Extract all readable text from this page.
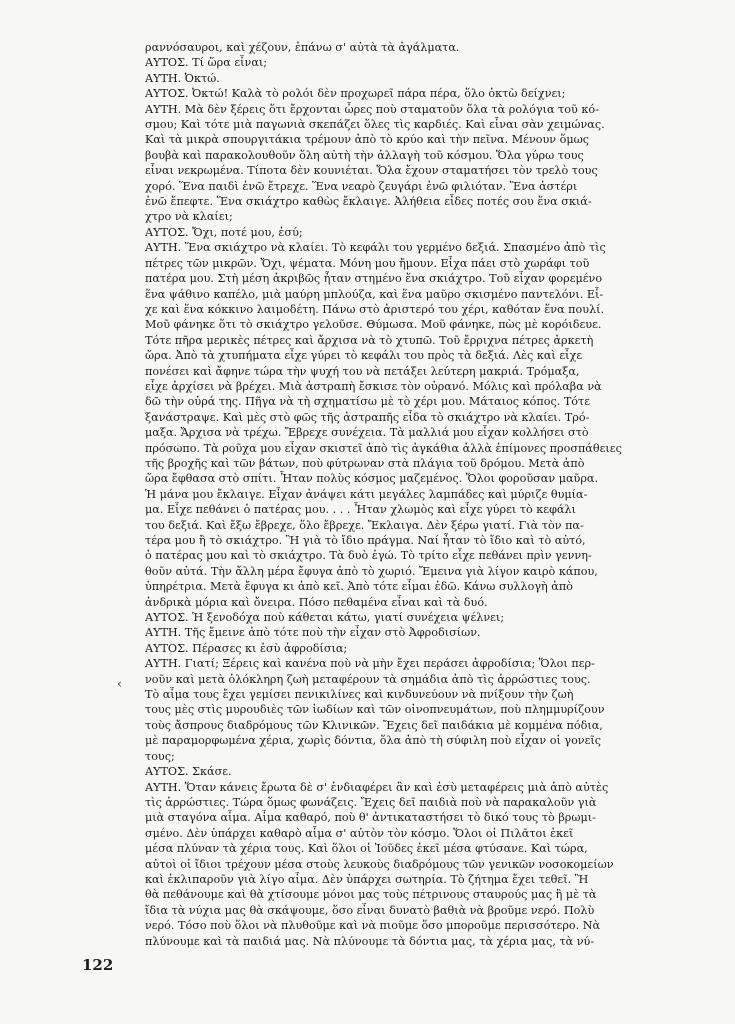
ραννόσαυροι, καὶ χέζουν, ἐπάνω σ' αὐτὰ τὰ ἀγάλματα.
ΑΥΤΟΣ. Τί ὥρα εἶναι;
ΑΥΤΗ. Ὀκτώ.
ΑΥΤΟΣ. Ὀκτώ! Καλὰ τὸ ρολόι δὲν προχωρεῖ πάρα πέρα, ὅλο ὀκτὼ δείχνει;
ΑΥΤΗ. Μὰ δὲν ξέρεις ὅτι ἔρχονται ὧρες ποὺ σταματοῦν ὅλα τὰ ρολόγια τοῦ κό-
σμου; Καὶ τότε μιὰ παγωνιὰ σκεπάζει ὅλες τὶς καρδιές. Καὶ εἶναι σὰν χειμώνας.
Καὶ τὰ μικρὰ σπουργιτάκια τρέμουν ἀπὸ τὸ κρύο καὶ τὴν πεῖνα. Μένουν ὅμως
βουβὰ καὶ παρακολουθοῦν ὅλη αὐτὴ τὴν ἀλλαγὴ τοῦ κόσμου. Ὅλα γύρω τους
εἶναι νεκρωμένα. Τίποτα δὲν κουνιέται. Ὅλα ἔχουν σταματήσει τὸν τρελὸ τους
χορό. Ἕνα παιδὶ ἐνῶ ἔτρεχε. Ἕνα νεαρὸ ζευγάρι ἐνῶ φιλιόταν. Ἕνα ἀστέρι
ἐνῶ ἔπεφτε. Ἕνα σκιάχτρο καθὼς ἔκλαιγε. Ἀλήθεια εἶδες ποτές σου ἕνα σκιά-
χτρο νὰ κλαίει;
ΑΥΤΟΣ. Ὄχι, ποτέ μου, ἐσύ;
ΑΥΤΗ. Ἕνα σκιάχτρο νὰ κλαίει. Τὸ κεφάλι του γερμένο δεξιά. Σπασμένο ἀπὸ τὶς
πέτρες τῶν μικρῶν. Ὄχι, ψέματα. Μόνη μου ἤμουν. Εἶχα πάει στὸ χωράφι τοῦ
πατέρα μου. Στὴ μέση ἀκριβῶς ἦταν στημένο ἕνα σκιάχτρο. Τοῦ εἶχαν φορεμένο
ἕνα ψάθινο καπέλο, μιὰ μαύρη μπλούζα, καὶ ἕνα μαῦρο σκισμένο παντελόνι. Εἶ-
χε καὶ ἕνα κόκκινο λαιμοδέτη. Πάνω στὸ ἀριστερό του χέρι, καθόταν ἕνα πουλί.
Μοῦ φάνηκε ὅτι τὸ σκιάχτρο γελοῦσε. Θύμωσα. Μοῦ φάνηκε, πὼς μὲ κορόιδευε.
Τότε πῆρα μερικὲς πέτρες καὶ ἄρχισα νὰ τὸ χτυπῶ. Τοῦ ἔρριχνα πέτρες ἀρκετὴ
ὥρα. Ἀπὸ τὰ χτυπήματα εἶχε γύρει τὸ κεφάλι του πρὸς τὰ δεξιά. Λὲς καὶ εἶχε
πονέσει καὶ ἄφηνε τώρα τὴν ψυχή του νὰ πετάξει λεύτερη μακριά. Τρόμαξα,
εἶχε ἀρχίσει νὰ βρέχει. Μιὰ ἀστραπὴ ἔσκισε τὸν οὐρανό. Μόλις καὶ πρόλαβα νὰ
δῶ τὴν οὐρά της. Πῆγα νὰ τὴ σχηματίσω μὲ τὸ χέρι μου. Μάταιος κόπος. Τότε
ξανάστραψε. Καὶ μὲς στὸ φῶς τῆς ἀστραπῆς εἶδα τὸ σκιάχτρο νὰ κλαίει. Τρό-
μαξα. Ἄρχισα νὰ τρέχω. Ἔβρεχε συνέχεια. Τὰ μαλλιά μου εἶχαν κολλήσει στὸ
πρόσωπο. Τὰ ροῦχα μου εἶχαν σκιστεῖ ἀπὸ τὶς ἀγκάθια ἀλλὰ ἐπίμονες προσπάθειες
τῆς βροχῆς καὶ τῶν βάτων, ποὺ φύτρωναν στὰ πλάγια τοῦ δρόμου. Μετὰ ἀπὸ
ὥρα ἔφθασα στὸ σπίτι. Ἦταν πολὺς κόσμος μαζεμένος. Ὅλοι φοροῦσαν μαῦρα.
Ἡ μάνα μου ἔκλαιγε. Εἶχαν ἀνάψει κάτι μεγάλες λαμπάδες καὶ μύριζε θυμία-
μα. Εἶχε πεθάνει ὁ πατέρας μου. . . . Ἦταν χλωμὸς καὶ εἶχε γύρει τὸ κεφάλι
του δεξιά. Καὶ ἔξω ἔβρεχε, ὅλο ἔβρεχε. Ἔκλαιγα. Δὲν ξέρω γιατί. Γιὰ τὸν πα-
τέρα μου ἢ τὸ σκιάχτρο. Ἢ γιὰ τὸ ἴδιο πράγμα. Ναί ἦταν τὸ ἴδιο καὶ τὸ αὐτό,
ὁ πατέρας μου καὶ τὸ σκιάχτρο. Τὰ δυὸ ἐγώ. Τὸ τρίτο εἶχε πεθάνει πρὶν γεννη-
θοῦν αὐτά. Τὴν ἄλλη μέρα ἔφυγα ἀπὸ τὸ χωριό. Ἔμεινα γιὰ λίγον καιρὸ κάπου,
ὑπηρέτρια. Μετὰ ἔφυγα κι ἀπὸ κεῖ. Ἀπὸ τότε εἶμαι ἐδῶ. Κάνω συλλογὴ ἀπὸ
ἀνδρικὰ μόρια καὶ ὄνειρα. Πόσο πεθαμένα εἶναι καὶ τὰ δυό.
ΑΥΤΟΣ. Ἡ ξενοδόχα ποὺ κάθεται κάτω, γιατί συνέχεια ψέλνει;
ΑΥΤΗ. Τῆς ἔμεινε ἀπὸ τότε ποὺ τὴν εἶχαν στὸ Ἀφροδισίων.
ΑΥΤΟΣ. Πέρασες κι ἐσὺ ἀφροδίσια;
ΑΥΤΗ. Γιατί; Ξέρεις καὶ κανένα ποὺ νὰ μὴν ἔχει περάσει ἀφροδίσια; Ὅλοι περ-
νοῦν καὶ μετὰ ὁλόκληρη ζωὴ μεταφέρουν τὰ σημάδια ἀπὸ τὶς ἀρρώστιες τους.
Τὸ αἷμα τους ἔχει γεμίσει πενικιλίνες καὶ κινδυνεύουν νὰ πνίξουν τὴν ζωὴ
τους μὲς στὶς μυρουδιὲς τῶν ἰωδίων καὶ τῶν οἰνοπνευμάτων, ποὺ πλημμυρίζουν
τοὺς ἄσπρους διαδρόμους τῶν Κλινικῶν. Ἔχεις δεῖ παιδάκια μὲ κομμένα πόδια,
μὲ παραμορφωμένα χέρια, χωρὶς δόντια, ὅλα ἀπὸ τὴ σύφιλη ποὺ εἶχαν οἱ γονεῖς
τους;
ΑΥΤΟΣ. Σκάσε.
ΑΥΤΗ. Ὅταν κάνεις ἔρωτα δὲ σ' ἐνδιαφέρει ἂν καὶ ἐσὺ μεταφέρεις μιὰ ἀπὸ αὐτὲς
τὶς ἀρρώστιες. Τώρα ὅμως φωνάζεις. Ἔχεις δεῖ παιδιὰ ποὺ νὰ παρακαλοῦν γιὰ
μιὰ σταγόνα αἷμα. Αἷμα καθαρό, ποὺ θ' ἀντικαταστήσει τὸ δικό τους τὸ βρωμι-
σμένο. Δὲν ὑπάρχει καθαρὸ αἷμα σ' αὐτὸν τὸν κόσμο. Ὅλοι οἱ Πιλᾶτοι ἐκεῖ
μέσα πλύναν τὰ χέρια τους. Καὶ ὅλοι οἱ Ἰοῦδες ἐκεῖ μέσα φτύσανε. Καὶ τώρα,
αὐτοὶ οἱ ἴδιοι τρέχουν μέσα στοὺς λευκοὺς διαδρόμους τῶν γενικῶν νοσοκομείων
καὶ ἐκλιπαροῦν γιὰ λίγο αἷμα. Δὲν ὑπάρχει σωτηρία. Τὸ ζήτημα ἔχει τεθεῖ. Ἢ
θὰ πεθάνουμε καὶ θὰ χτίσουμε μόνοι μας τοὺς πέτρινους σταυρούς μας ἢ μὲ τὰ
ἴδια τὰ νύχια μας θὰ σκάψουμε, ὅσο εἶναι δυνατὸ βαθιὰ νὰ βροῦμε νερό. Πολὺ
νερό. Τόσο ποὺ ὅλοι νὰ πλυθοῦμε καὶ νὰ πιοῦμε ὅσο μποροῦμε περισσότερο. Νὰ
πλύνουμε καὶ τὰ παιδιά μας. Νὰ πλύνουμε τὰ δόντια μας, τὰ χέρια μας, τὰ νύ-
‹
122
